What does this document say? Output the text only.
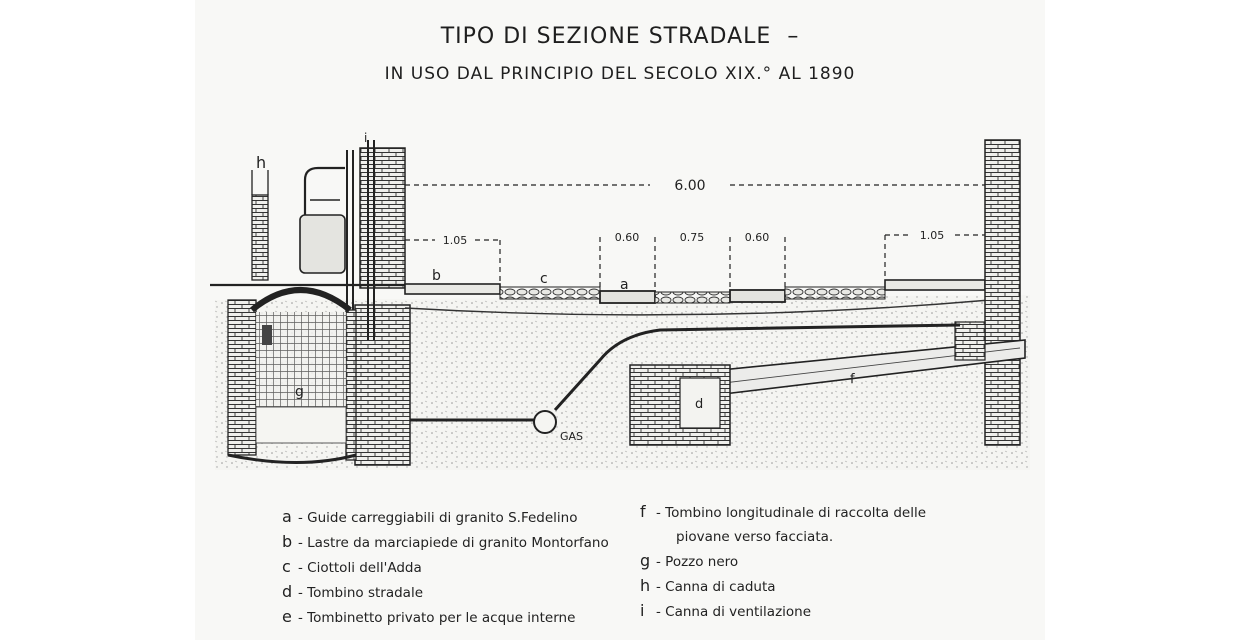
TIPO DI SEZIONE STRADALE –
IN USO DAL PRINCIPIO DEL SECOLO XIX.° AL 1890
6.00
1.05	0.60	0.75	0.60	1.05
h
i
b	c	a
d
f
g
GAS
a - Guide carreggiabili di granito S.Fedelino
b - Lastre da marciapiede di granito Montorfano
c - Ciottoli dell'Adda
d - Tombino stradale
e - Tombinetto privato per le acque interne
f - Tombino longitudinale di raccolta delle
piovane verso facciata.
g - Pozzo nero
h - Canna di caduta
i - Canna di ventilazione
